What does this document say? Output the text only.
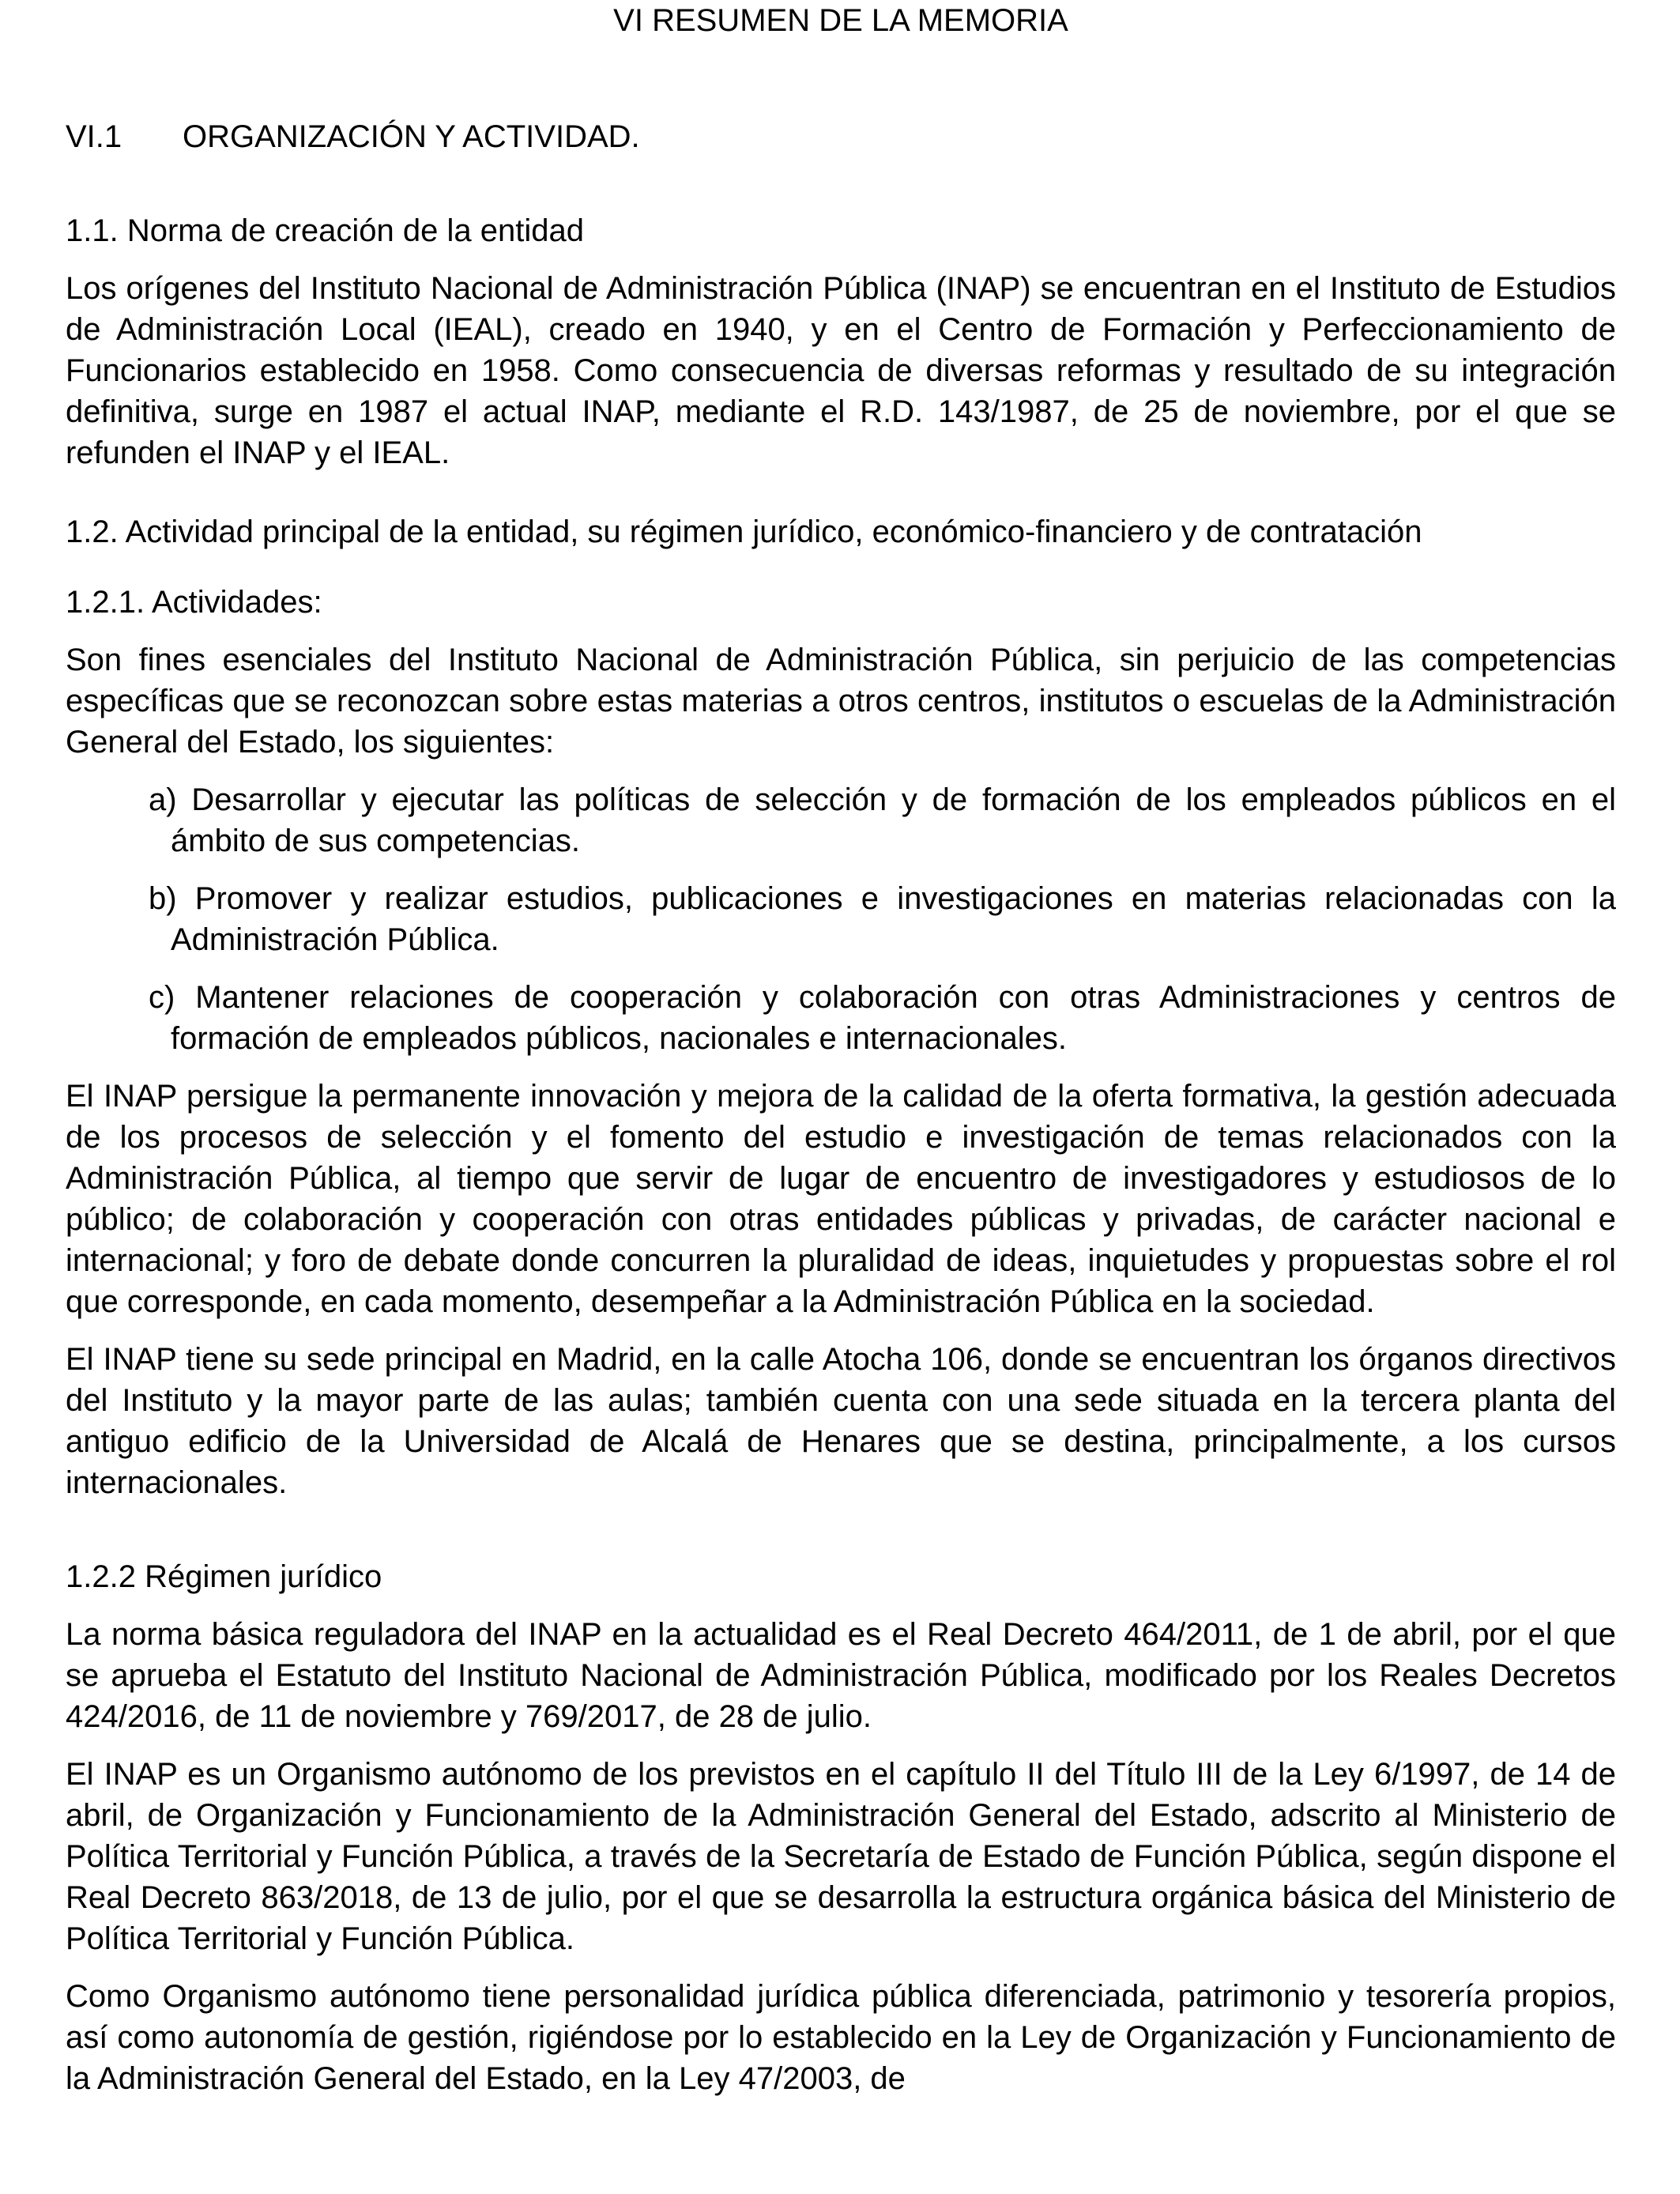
VI RESUMEN DE LA MEMORIA
VI.1	ORGANIZACIÓN Y ACTIVIDAD.
1.1. Norma de creación de la entidad

Los orígenes del Instituto Nacional de Administración Pública (INAP) se encuentran en el Instituto de Estudios de Administración Local (IEAL), creado en 1940, y en el Centro de Formación y Perfeccionamiento de Funcionarios establecido en 1958. Como consecuencia de diversas reformas y resultado de su integración definitiva, surge en 1987 el actual INAP, mediante el R.D. 143/1987, de 25 de noviembre, por el que se refunden el INAP y el IEAL.

1.2. Actividad principal de la entidad, su régimen jurídico, económico-financiero y de contratación
1.2.1. Actividades:

Son fines esenciales del Instituto Nacional de Administración Pública, sin perjuicio de las competencias específicas que se reconozcan sobre estas materias a otros centros, institutos o escuelas de la Administración General del Estado, los siguientes:

a) Desarrollar y ejecutar las políticas de selección y de formación de los empleados públicos en el ámbito de sus competencias.
b) Promover y realizar estudios, publicaciones e investigaciones en materias relacionadas con la Administración Pública.
c) Mantener relaciones de cooperación y colaboración con otras Administraciones y centros de formación de empleados públicos, nacionales e internacionales.

El INAP persigue la permanente innovación y mejora de la calidad de la oferta formativa, la gestión adecuada de los procesos de selección y el fomento del estudio e investigación de temas relacionados con la Administración Pública, al tiempo que servir de lugar de encuentro de investigadores y estudiosos de lo público; de colaboración y cooperación con otras entidades públicas y privadas, de carácter nacional e internacional; y foro de debate donde concurren la pluralidad de ideas, inquietudes y propuestas sobre el rol que corresponde, en cada momento, desempeñar a la Administración Pública en la sociedad.

El INAP tiene su sede principal en Madrid, en la calle Atocha 106, donde se encuentran los órganos directivos del Instituto y la mayor parte de las aulas; también cuenta con una sede situada en la tercera planta del antiguo edificio de la Universidad de Alcalá de Henares que se destina, principalmente, a los cursos internacionales.

1.2.2 Régimen jurídico

La norma básica reguladora del INAP en la actualidad es el Real Decreto 464/2011, de 1 de abril, por el que se aprueba el Estatuto del Instituto Nacional de Administración Pública, modificado por los Reales Decretos 424/2016, de 11 de noviembre y 769/2017, de 28 de julio.

El INAP es un Organismo autónomo de los previstos en el capítulo II del Título III de la Ley 6/1997, de 14 de abril, de Organización y Funcionamiento de la Administración General del Estado, adscrito al Ministerio de Política Territorial y Función Pública, a través de la Secretaría de Estado de Función Pública, según dispone el Real Decreto 863/2018, de 13 de julio, por el que se desarrolla la estructura orgánica básica del Ministerio de Política Territorial y Función Pública.

Como Organismo autónomo tiene personalidad jurídica pública diferenciada, patrimonio y tesorería propios, así como autonomía de gestión, rigiéndose por lo establecido en la Ley de Organización y Funcionamiento de la Administración General del Estado, en la Ley 47/2003, de
